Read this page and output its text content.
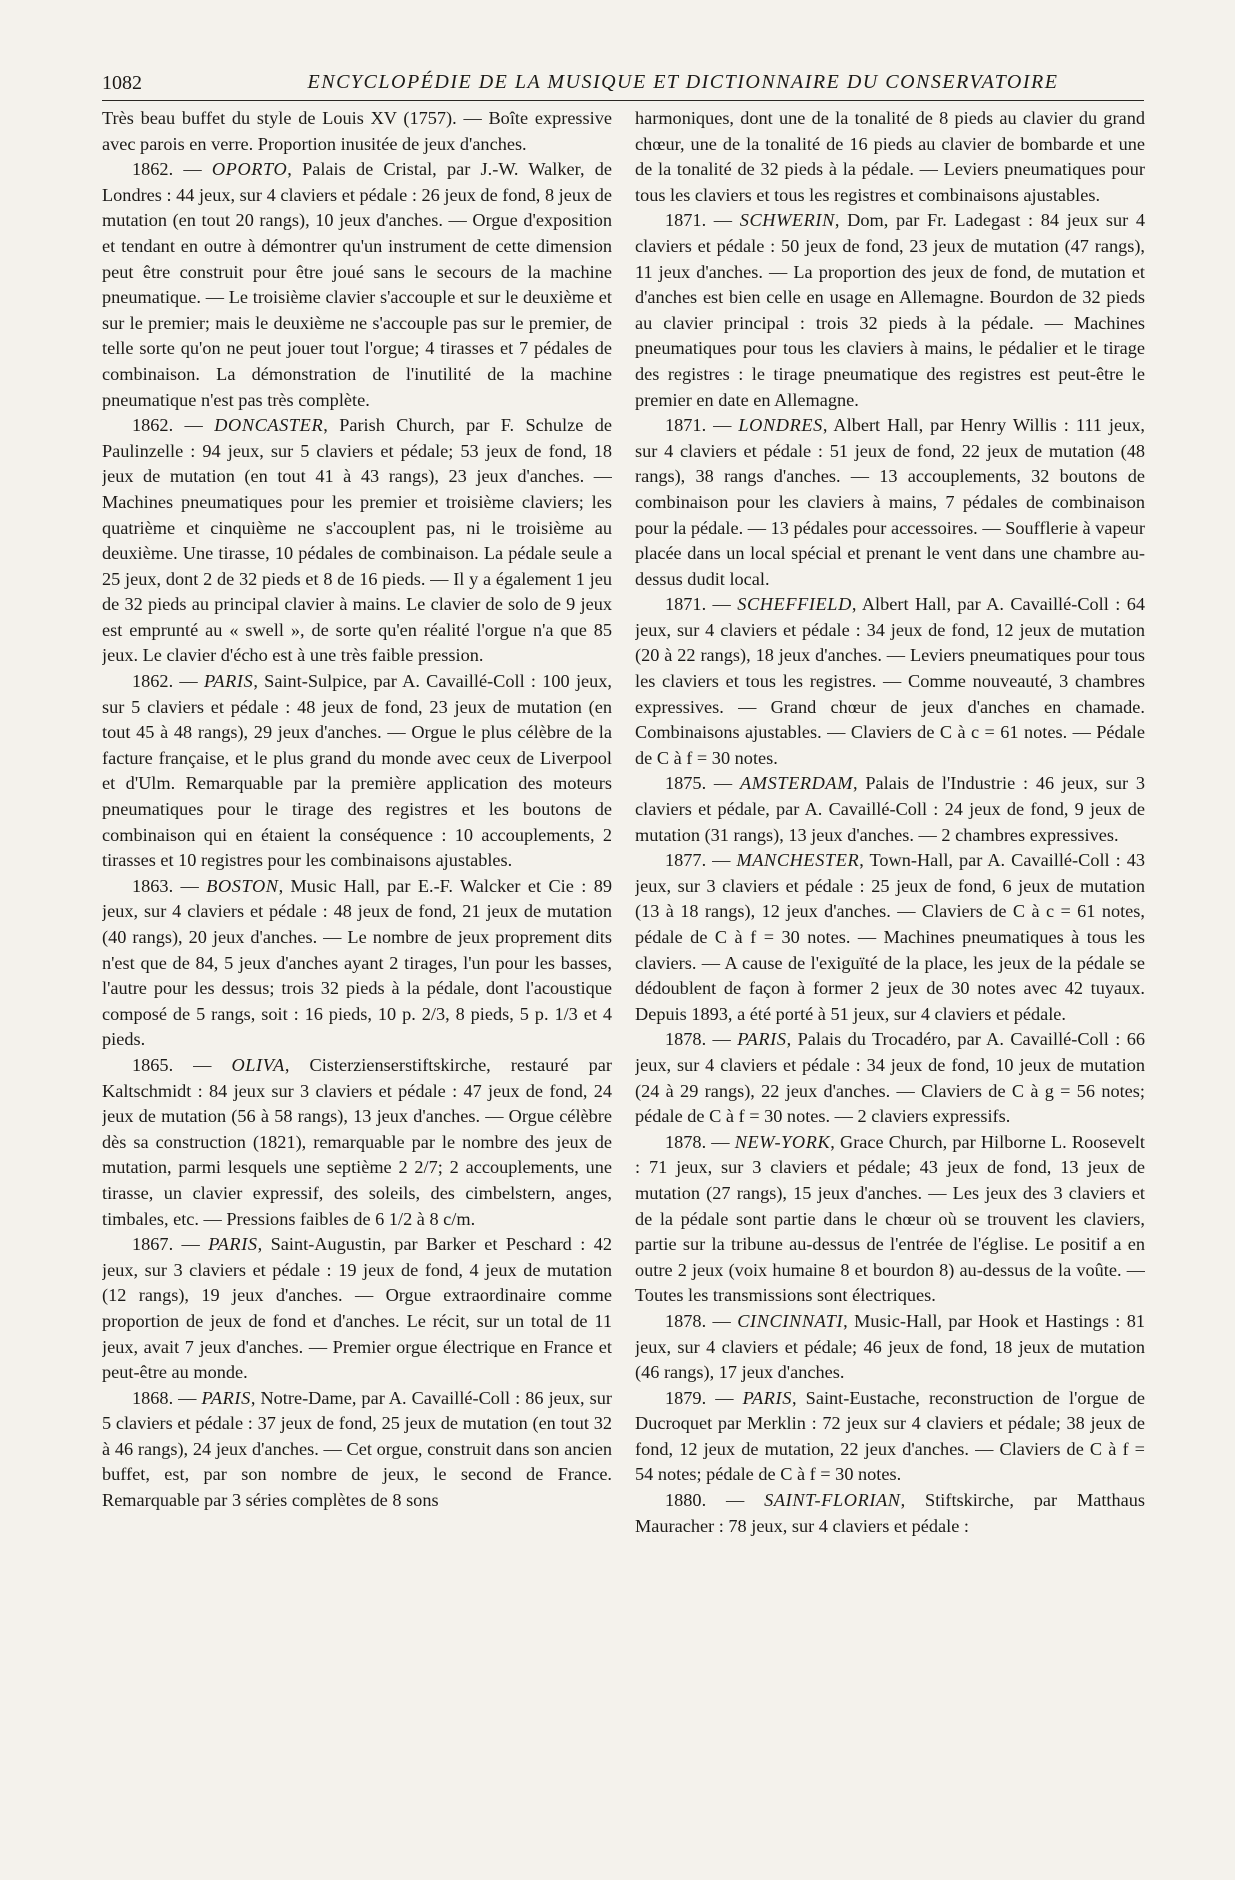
1082	ENCYCLOPÉDIE DE LA MUSIQUE ET DICTIONNAIRE DU CONSERVATOIRE

Très beau buffet du style de Louis XV (1757). — Boîte expressive avec parois en verre. Proportion inusitée de jeux d'anches.

1862. — OPORTO, Palais de Cristal, par J.-W. Walker, de Londres : 44 jeux, sur 4 claviers et pédale : 26 jeux de fond, 8 jeux de mutation (en tout 20 rangs), 10 jeux d'anches. — Orgue d'exposition et tendant en outre à démontrer qu'un instrument de cette dimension peut être construit pour être joué sans le secours de la machine pneumatique. — Le troisième clavier s'accouple et sur le deuxième et sur le premier; mais le deuxième ne s'accouple pas sur le premier, de telle sorte qu'on ne peut jouer tout l'orgue; 4 tirasses et 7 pédales de combinaison. La démonstration de l'inutilité de la machine pneumatique n'est pas très complète.

1862. — DONCASTER, Parish Church, par F. Schulze de Paulinzelle : 94 jeux, sur 5 claviers et pédale; 53 jeux de fond, 18 jeux de mutation (en tout 41 à 43 rangs), 23 jeux d'anches. — Machines pneumatiques pour les premier et troisième claviers; les quatrième et cinquième ne s'accouplent pas, ni le troisième au deuxième. Une tirasse, 10 pédales de combinaison. La pédale seule a 25 jeux, dont 2 de 32 pieds et 8 de 16 pieds. — Il y a également 1 jeu de 32 pieds au principal clavier à mains. Le clavier de solo de 9 jeux est emprunté au « swell », de sorte qu'en réalité l'orgue n'a que 85 jeux. Le clavier d'écho est à une très faible pression.

1862. — PARIS, Saint-Sulpice, par A. Cavaillé-Coll : 100 jeux, sur 5 claviers et pédale : 48 jeux de fond, 23 jeux de mutation (en tout 45 à 48 rangs), 29 jeux d'anches. — Orgue le plus célèbre de la facture française, et le plus grand du monde avec ceux de Liverpool et d'Ulm. Remarquable par la première application des moteurs pneumatiques pour le tirage des registres et les boutons de combinaison qui en étaient la conséquence : 10 accouplements, 2 tirasses et 10 registres pour les combinaisons ajustables.

1863. — BOSTON, Music Hall, par E.-F. Walcker et Cie : 89 jeux, sur 4 claviers et pédale : 48 jeux de fond, 21 jeux de mutation (40 rangs), 20 jeux d'anches. — Le nombre de jeux proprement dits n'est que de 84, 5 jeux d'anches ayant 2 tirages, l'un pour les basses, l'autre pour les dessus; trois 32 pieds à la pédale, dont l'acoustique composé de 5 rangs, soit : 16 pieds, 10 p. 2/3, 8 pieds, 5 p. 1/3 et 4 pieds.

1865. — OLIVA, Cisterzienserstiftskirche, restauré par Kaltschmidt : 84 jeux sur 3 claviers et pédale : 47 jeux de fond, 24 jeux de mutation (56 à 58 rangs), 13 jeux d'anches. — Orgue célèbre dès sa construction (1821), remarquable par le nombre des jeux de mutation, parmi lesquels une septième 2 2/7; 2 accouplements, une tirasse, un clavier expressif, des soleils, des cimbelstern, anges, timbales, etc. — Pressions faibles de 6 1/2 à 8 c/m.

1867. — PARIS, Saint-Augustin, par Barker et Peschard : 42 jeux, sur 3 claviers et pédale : 19 jeux de fond, 4 jeux de mutation (12 rangs), 19 jeux d'anches. — Orgue extraordinaire comme proportion de jeux de fond et d'anches. Le récit, sur un total de 11 jeux, avait 7 jeux d'anches. — Premier orgue électrique en France et peut-être au monde.

1868. — PARIS, Notre-Dame, par A. Cavaillé-Coll : 86 jeux, sur 5 claviers et pédale : 37 jeux de fond, 25 jeux de mutation (en tout 32 à 46 rangs), 24 jeux d'anches. — Cet orgue, construit dans son ancien buffet, est, par son nombre de jeux, le second de France. Remarquable par 3 séries complètes de 8 sons

harmoniques, dont une de la tonalité de 8 pieds au clavier du grand chœur, une de la tonalité de 16 pieds au clavier de bombarde et une de la tonalité de 32 pieds à la pédale. — Leviers pneumatiques pour tous les claviers et tous les registres et combinaisons ajustables.

1871. — SCHWERIN, Dom, par Fr. Ladegast : 84 jeux sur 4 claviers et pédale : 50 jeux de fond, 23 jeux de mutation (47 rangs), 11 jeux d'anches. — La proportion des jeux de fond, de mutation et d'anches est bien celle en usage en Allemagne. Bourdon de 32 pieds au clavier principal : trois 32 pieds à la pédale. — Machines pneumatiques pour tous les claviers à mains, le pédalier et le tirage des registres : le tirage pneumatique des registres est peut-être le premier en date en Allemagne.

1871. — LONDRES, Albert Hall, par Henry Willis : 111 jeux, sur 4 claviers et pédale : 51 jeux de fond, 22 jeux de mutation (48 rangs), 38 rangs d'anches. — 13 accouplements, 32 boutons de combinaison pour les claviers à mains, 7 pédales de combinaison pour la pédale. — 13 pédales pour accessoires. — Soufflerie à vapeur placée dans un local spécial et prenant le vent dans une chambre au-dessus dudit local.

1871. — SCHEFFIELD, Albert Hall, par A. Cavaillé-Coll : 64 jeux, sur 4 claviers et pédale : 34 jeux de fond, 12 jeux de mutation (20 à 22 rangs), 18 jeux d'anches. — Leviers pneumatiques pour tous les claviers et tous les registres. — Comme nouveauté, 3 chambres expressives. — Grand chœur de jeux d'anches en chamade. Combinaisons ajustables. — Claviers de C à c = 61 notes. — Pédale de C à f = 30 notes.

1875. — AMSTERDAM, Palais de l'Industrie : 46 jeux, sur 3 claviers et pédale, par A. Cavaillé-Coll : 24 jeux de fond, 9 jeux de mutation (31 rangs), 13 jeux d'anches. — 2 chambres expressives.

1877. — MANCHESTER, Town-Hall, par A. Cavaillé-Coll : 43 jeux, sur 3 claviers et pédale : 25 jeux de fond, 6 jeux de mutation (13 à 18 rangs), 12 jeux d'anches. — Claviers de C à c = 61 notes, pédale de C à f = 30 notes. — Machines pneumatiques à tous les claviers. — A cause de l'exiguïté de la place, les jeux de la pédale se dédoublent de façon à former 2 jeux de 30 notes avec 42 tuyaux. Depuis 1893, a été porté à 51 jeux, sur 4 claviers et pédale.

1878. — PARIS, Palais du Trocadéro, par A. Cavaillé-Coll : 66 jeux, sur 4 claviers et pédale : 34 jeux de fond, 10 jeux de mutation (24 à 29 rangs), 22 jeux d'anches. — Claviers de C à g = 56 notes; pédale de C à f = 30 notes. — 2 claviers expressifs.

1878. — NEW-YORK, Grace Church, par Hilborne L. Roosevelt : 71 jeux, sur 3 claviers et pédale; 43 jeux de fond, 13 jeux de mutation (27 rangs), 15 jeux d'anches. — Les jeux des 3 claviers et de la pédale sont partie dans le chœur où se trouvent les claviers, partie sur la tribune au-dessus de l'entrée de l'église. Le positif a en outre 2 jeux (voix humaine 8 et bourdon 8) au-dessus de la voûte. — Toutes les transmissions sont électriques.

1878. — CINCINNATI, Music-Hall, par Hook et Hastings : 81 jeux, sur 4 claviers et pédale; 46 jeux de fond, 18 jeux de mutation (46 rangs), 17 jeux d'anches.

1879. — PARIS, Saint-Eustache, reconstruction de l'orgue de Ducroquet par Merklin : 72 jeux sur 4 claviers et pédale; 38 jeux de fond, 12 jeux de mutation, 22 jeux d'anches. — Claviers de C à f = 54 notes; pédale de C à f = 30 notes.

1880. — SAINT-FLORIAN, Stiftskirche, par Matthaus Mauracher : 78 jeux, sur 4 claviers et pédale :
